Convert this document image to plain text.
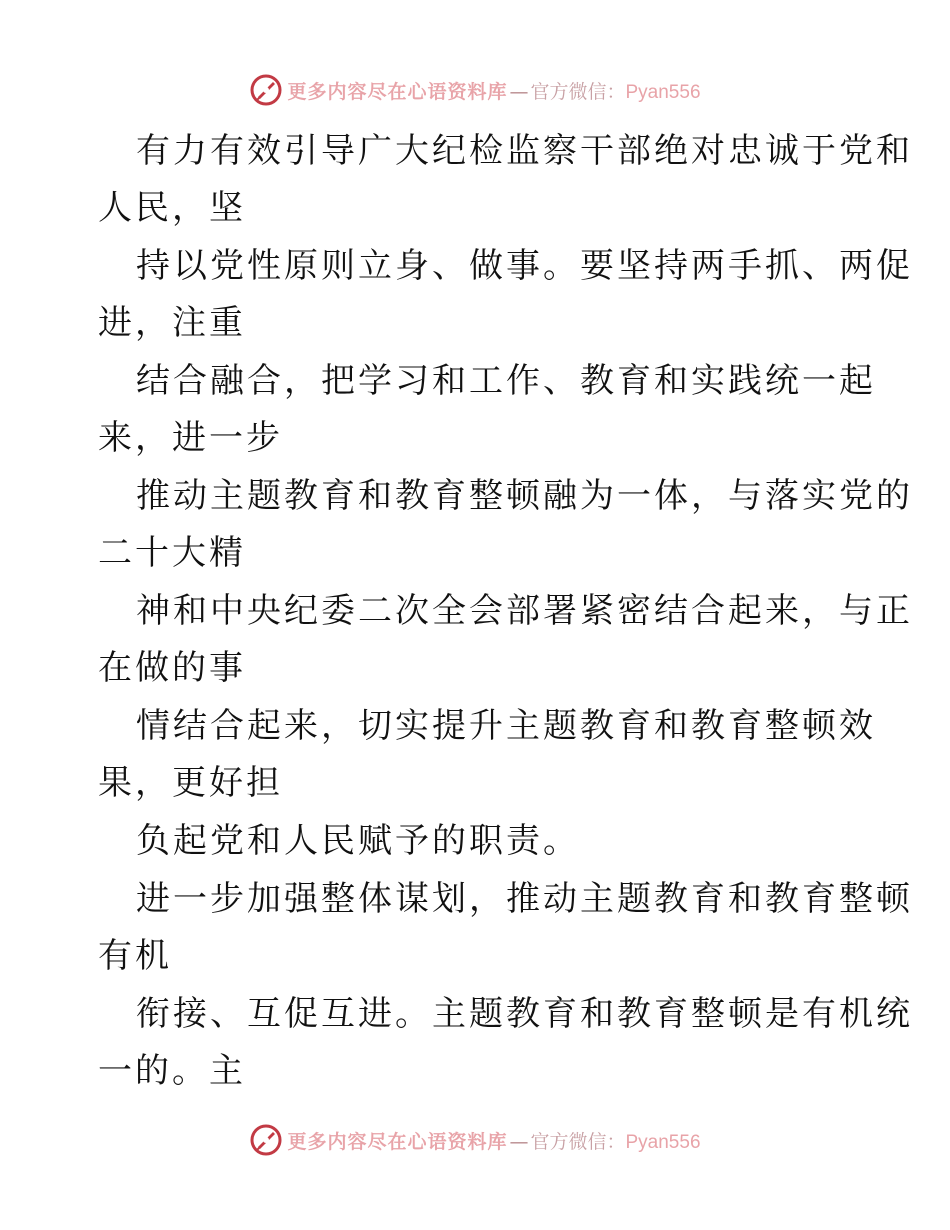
更多内容尽在心语资料库 — 官方微信： Pyan556
有力有效引导广大纪检监察干部绝对忠诚于党和
人民，坚
持以党性原则立身、做事。要坚持两手抓、两促
进，注重
结合融合，把学习和工作、教育和实践统一起
来，进一步
推动主题教育和教育整顿融为一体，与落实党的
二十大精
神和中央纪委二次全会部署紧密结合起来，与正
在做的事
情结合起来，切实提升主题教育和教育整顿效
果，更好担
负起党和人民赋予的职责。
进一步加强整体谋划，推动主题教育和教育整顿
有机
衔接、互促互进。主题教育和教育整顿是有机统
一的。主
更多内容尽在心语资料库 — 官方微信： Pyan556
